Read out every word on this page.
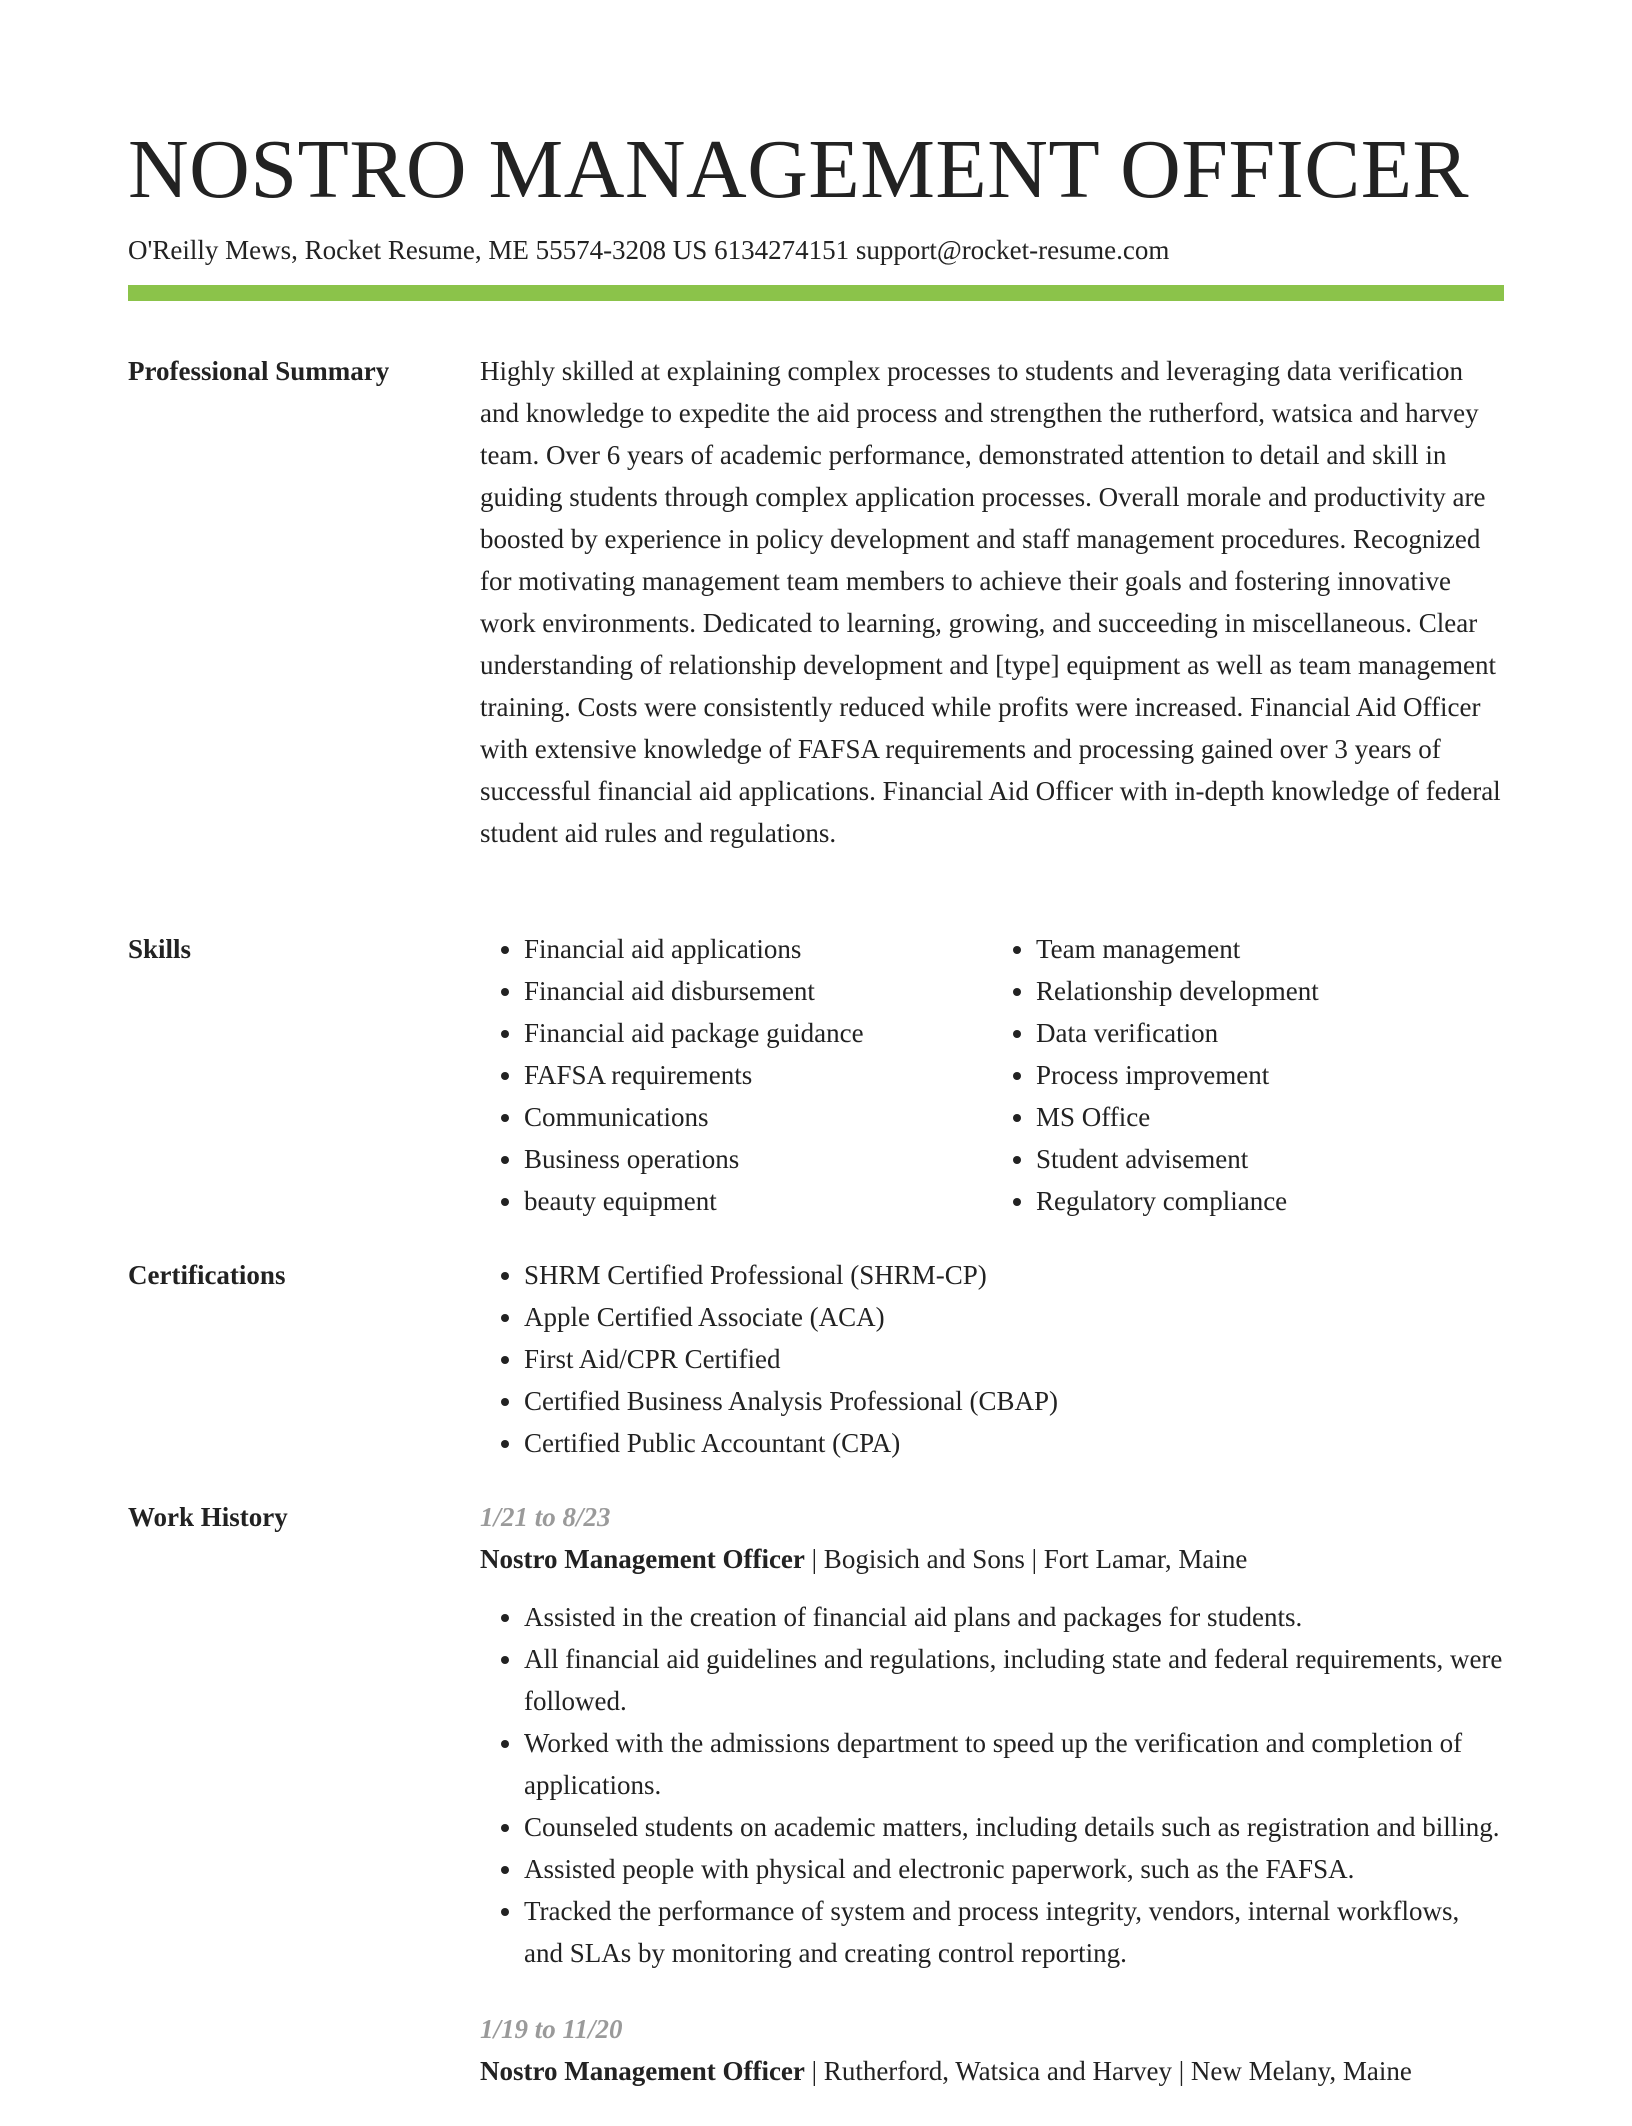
NOSTRO MANAGEMENT OFFICER
O'Reilly Mews, Rocket Resume, ME 55574-3208 US 6134274151 support@rocket-resume.com
Professional Summary	Highly skilled at explaining complex processes to students and leveraging data verification and knowledge to expedite the aid process and strengthen the rutherford, watsica and harvey team. Over 6 years of academic performance, demonstrated attention to detail and skill in guiding students through complex application processes. Overall morale and productivity are boosted by experience in policy development and staff management procedures. Recognized for motivating management team members to achieve their goals and fostering innovative work environments. Dedicated to learning, growing, and succeeding in miscellaneous. Clear understanding of relationship development and [type] equipment as well as team management training. Costs were consistently reduced while profits were increased. Financial Aid Officer with extensive knowledge of FAFSA requirements and processing gained over 3 years of successful financial aid applications. Financial Aid Officer with in-depth knowledge of federal student aid rules and regulations.

Skills	• Financial aid applications
• Financial aid disbursement
• Financial aid package guidance
• FAFSA requirements
• Communications
• Business operations
• beauty equipment
• Team management
• Relationship development
• Data verification
• Process improvement
• MS Office
• Student advisement
• Regulatory compliance
Certifications	• SHRM Certified Professional (SHRM-CP)
• Apple Certified Associate (ACA)
• First Aid/CPR Certified
• Certified Business Analysis Professional (CBAP)
• Certified Public Accountant (CPA)
Work History	1/21 to 8/23
Nostro Management Officer | Bogisich and Sons | Fort Lamar, Maine
• Assisted in the creation of financial aid plans and packages for students.
• All financial aid guidelines and regulations, including state and federal requirements, were followed.
• Worked with the admissions department to speed up the verification and completion of applications.
• Counseled students on academic matters, including details such as registration and billing.
• Assisted people with physical and electronic paperwork, such as the FAFSA.
• Tracked the performance of system and process integrity, vendors, internal workflows, and SLAs by monitoring and creating control reporting.
1/19 to 11/20
Nostro Management Officer | Rutherford, Watsica and Harvey | New Melany, Maine
